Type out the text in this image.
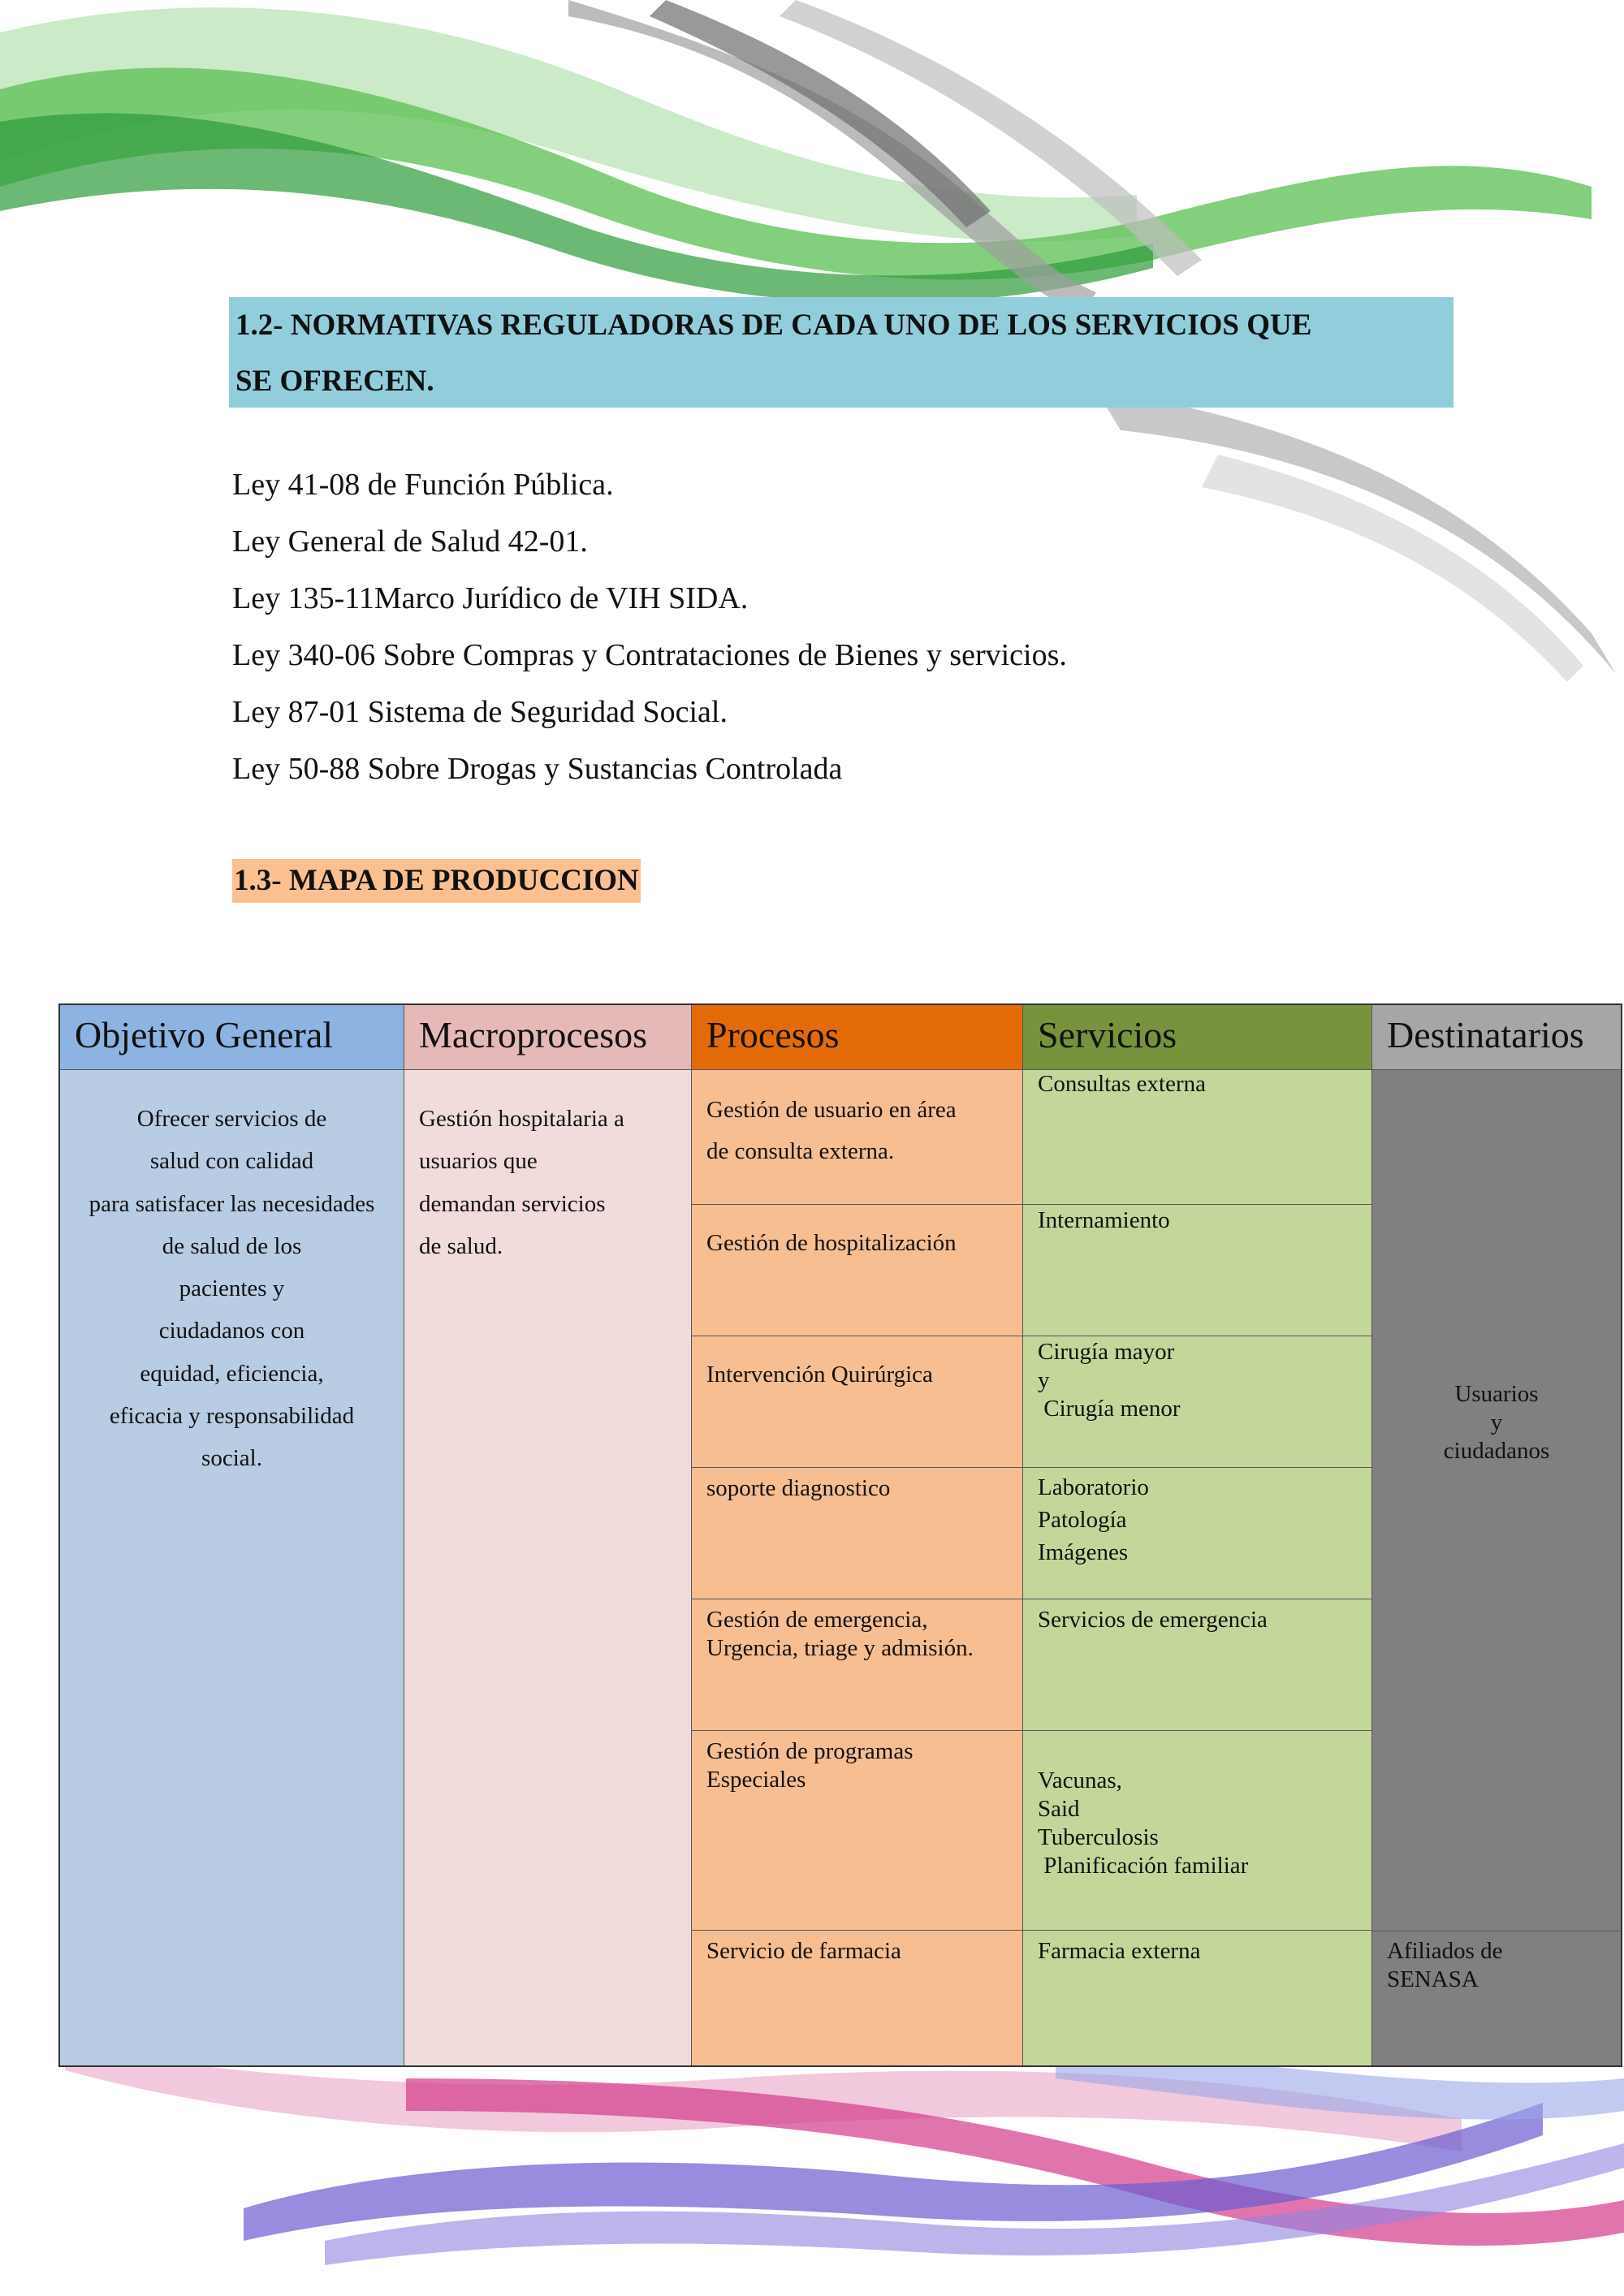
1.2- NORMATIVAS REGULADORAS DE CADA UNO DE LOS SERVICIOS QUE
SE OFRECEN.

Ley 41-08 de Función Pública.

Ley General de Salud 42-01.

Ley 135-11Marco Jurídico de VIH SIDA.

Ley 340-06 Sobre Compras y Contrataciones de Bienes y servicios.

Ley 87-01 Sistema de Seguridad Social.

Ley 50-88 Sobre Drogas y Sustancias Controlada

1.3- MAPA DE PRODUCCION
Objetivo General
Ofrecer servicios de
salud con calidad
para satisfacer las necesidades
de salud de los
pacientes y
ciudadanos con
equidad, eficiencia,
eficacia y responsabilidad
social.
Macroprocesos
Gestión hospitalaria a
usuarios que
demandan servicios
de salud.
Procesos
Gestión de usuario en área
de consulta externa.
Gestión de hospitalización
Intervención Quirúrgica
soporte diagnostico
Gestión de emergencia,
Urgencia, triage y admisión.
Gestión de programas
Especiales
Servicio de farmacia
Servicios
Consultas externa
Internamiento
Cirugía mayor
y
Cirugía menor
Laboratorio
Patología
Imágenes
Servicios de emergencia
Vacunas,
Said
Tuberculosis
Planificación familiar
Farmacia externa
Destinatarios
Usuarios
y
ciudadanos
Afiliados de
SENASA
